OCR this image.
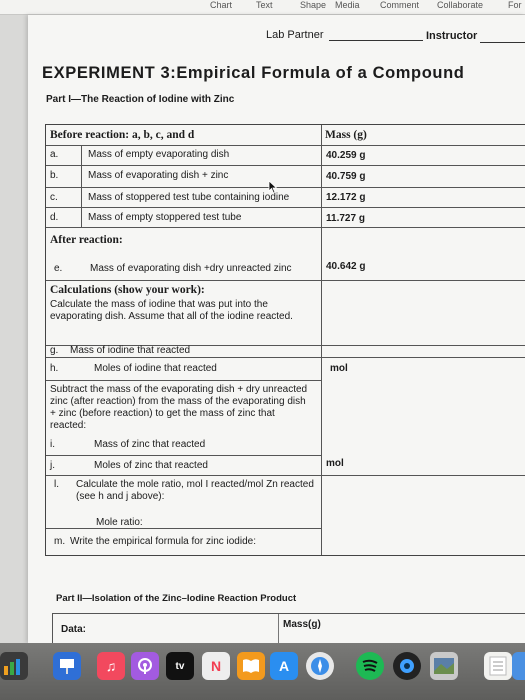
Chart	Text	Shape Media Comment Collaborate	For
Lab Partner	Instructor
EXPERIMENT 3:Empirical Formula of a Compound
Part I—The Reaction of Iodine with Zinc
Before reaction: a, b, c, and d	Mass (g)
a.	Mass of empty evaporating dish	40.259 g
b.	Mass of evaporating dish + zinc	40.759 g
c.	Mass of stoppered test tube containing iodine	12.172 g
d.	Mass of empty stoppered test tube	11.727 g
After reaction:
e.	Mass of evaporating dish +dry unreacted zinc	40.642 g
Calculations (show your work):
Calculate the mass of iodine that was put into the evaporating dish. Assume that all of the iodine reacted.
g. Mass of iodine that reacted
h.	Moles of iodine that reacted	mol
Subtract the mass of the evaporating dish + dry unreacted zinc (after reaction) from the mass of the evaporating dish + zinc (before reaction) to get the mass of zinc that reacted:
i.	Mass of zinc that reacted
j.	Moles of zinc that reacted	mol
l. Calculate the mole ratio, mol I reacted/mol Zn reacted (see h and j above):
Mole ratio:
m. Write the empirical formula for zinc iodide:
Part II—Isolation of the Zinc–Iodine Reaction Product
Data:	Mass(g)
♫	tv	N	A
